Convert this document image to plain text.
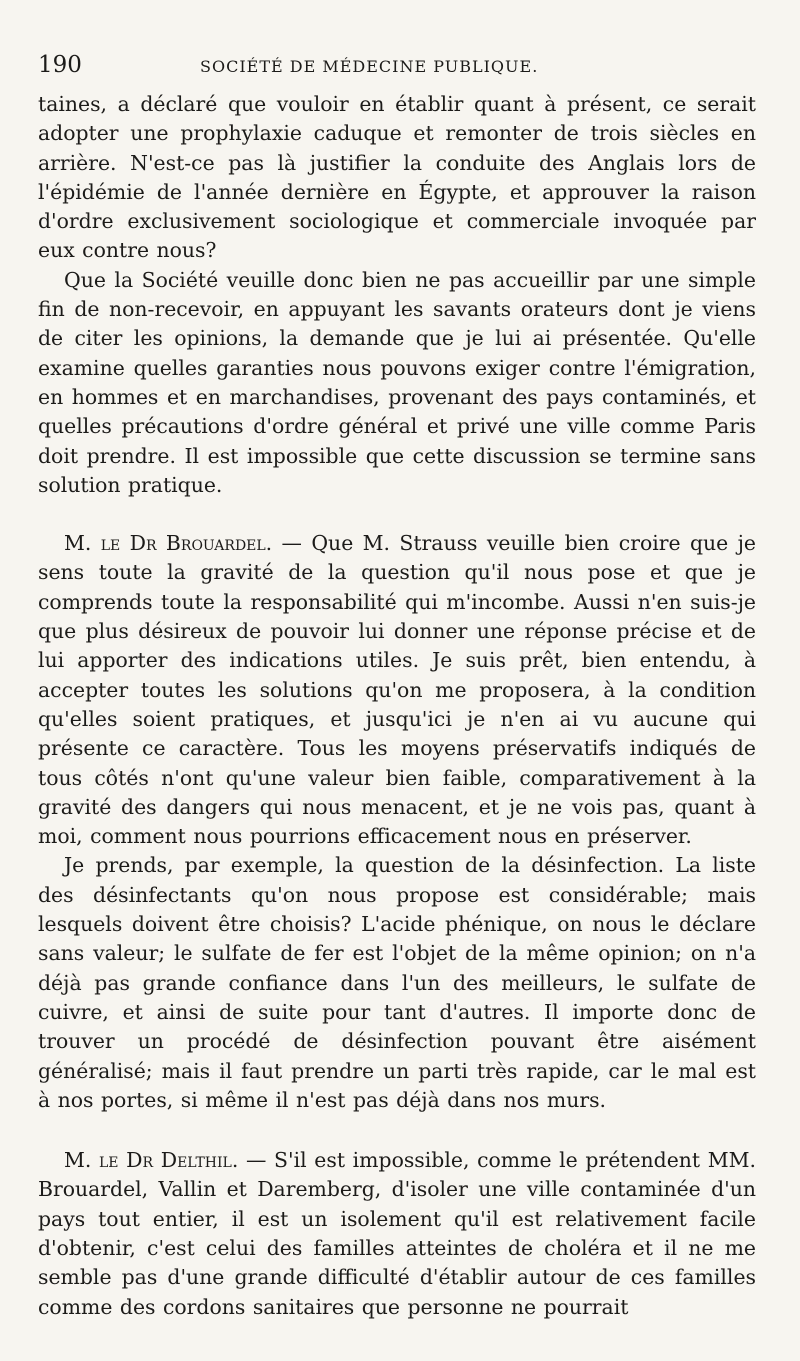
190	SOCIÉTÉ DE MÉDECINE PUBLIQUE.

taines, a déclaré que vouloir en établir quant à présent, ce serait adopter une prophylaxie caduque et remonter de trois siècles en arrière. N'est-ce pas là justifier la conduite des Anglais lors de l'épidémie de l'année dernière en Égypte, et approuver la raison d'ordre exclusivement sociologique et commerciale invoquée par eux contre nous?

Que la Société veuille donc bien ne pas accueillir par une simple fin de non-recevoir, en appuyant les savants orateurs dont je viens de citer les opinions, la demande que je lui ai présentée. Qu'elle examine quelles garanties nous pouvons exiger contre l'émigration, en hommes et en marchandises, provenant des pays contaminés, et quelles précautions d'ordre général et privé une ville comme Paris doit prendre. Il est impossible que cette discussion se termine sans solution pratique.

M. le Dr Brouardel. — Que M. Strauss veuille bien croire que je sens toute la gravité de la question qu'il nous pose et que je comprends toute la responsabilité qui m'incombe. Aussi n'en suis-je que plus désireux de pouvoir lui donner une réponse précise et de lui apporter des indications utiles. Je suis prêt, bien entendu, à accepter toutes les solutions qu'on me proposera, à la condition qu'elles soient pratiques, et jusqu'ici je n'en ai vu aucune qui présente ce caractère. Tous les moyens préservatifs indiqués de tous côtés n'ont qu'une valeur bien faible, comparativement à la gravité des dangers qui nous menacent, et je ne vois pas, quant à moi, comment nous pourrions efficacement nous en préserver.

Je prends, par exemple, la question de la désinfection. La liste des désinfectants qu'on nous propose est considérable; mais lesquels doivent être choisis? L'acide phénique, on nous le déclare sans valeur; le sulfate de fer est l'objet de la même opinion; on n'a déjà pas grande confiance dans l'un des meilleurs, le sulfate de cuivre, et ainsi de suite pour tant d'autres. Il importe donc de trouver un procédé de désinfection pouvant être aisément généralisé; mais il faut prendre un parti très rapide, car le mal est à nos portes, si même il n'est pas déjà dans nos murs.

M. le Dr Delthil. — S'il est impossible, comme le prétendent MM. Brouardel, Vallin et Daremberg, d'isoler une ville contaminée d'un pays tout entier, il est un isolement qu'il est relativement facile d'obtenir, c'est celui des familles atteintes de choléra et il ne me semble pas d'une grande difficulté d'établir autour de ces familles comme des cordons sanitaires que personne ne pourrait
